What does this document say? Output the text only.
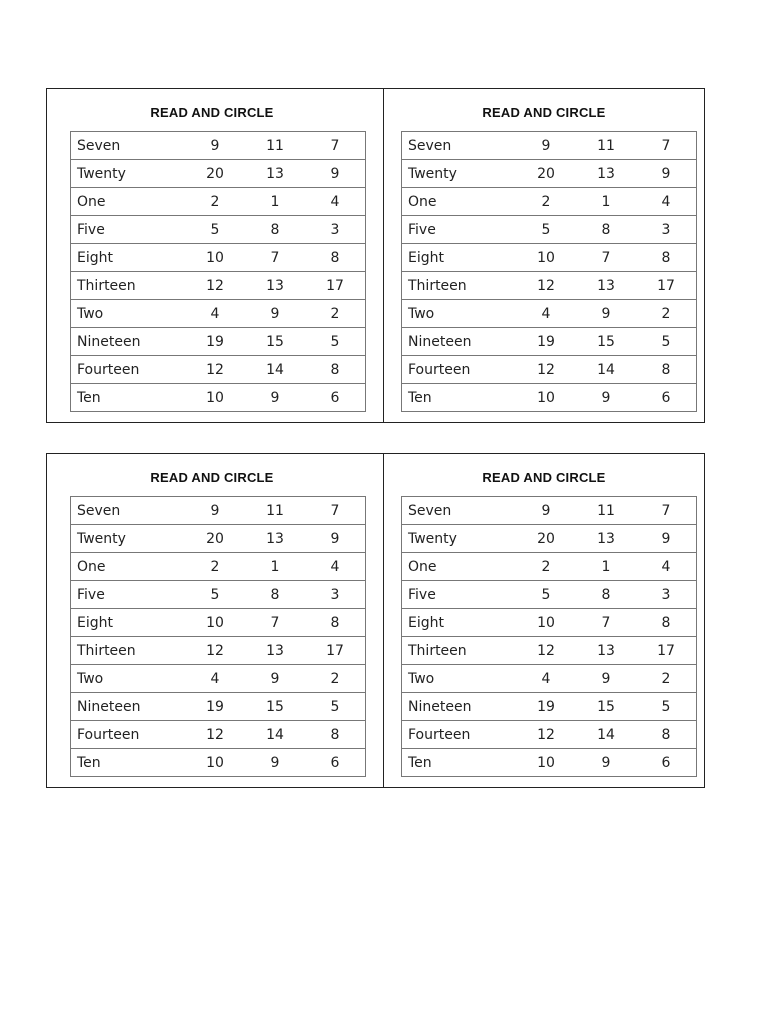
READ AND CIRCLE
Seven	9	11	7
Twenty	20	13	9
One	2	1	4
Five	5	8	3
Eight	10	7	8
Thirteen	12	13	17
Two	4	9	2
Nineteen	19	15	5
Fourteen	12	14	8
Ten	10	9	6
READ AND CIRCLE
Seven	9	11	7
Twenty	20	13	9
One	2	1	4
Five	5	8	3
Eight	10	7	8
Thirteen	12	13	17
Two	4	9	2
Nineteen	19	15	5
Fourteen	12	14	8
Ten	10	9	6
READ AND CIRCLE
Seven	9	11	7
Twenty	20	13	9
One	2	1	4
Five	5	8	3
Eight	10	7	8
Thirteen	12	13	17
Two	4	9	2
Nineteen	19	15	5
Fourteen	12	14	8
Ten	10	9	6
READ AND CIRCLE
Seven	9	11	7
Twenty	20	13	9
One	2	1	4
Five	5	8	3
Eight	10	7	8
Thirteen	12	13	17
Two	4	9	2
Nineteen	19	15	5
Fourteen	12	14	8
Ten	10	9	6
